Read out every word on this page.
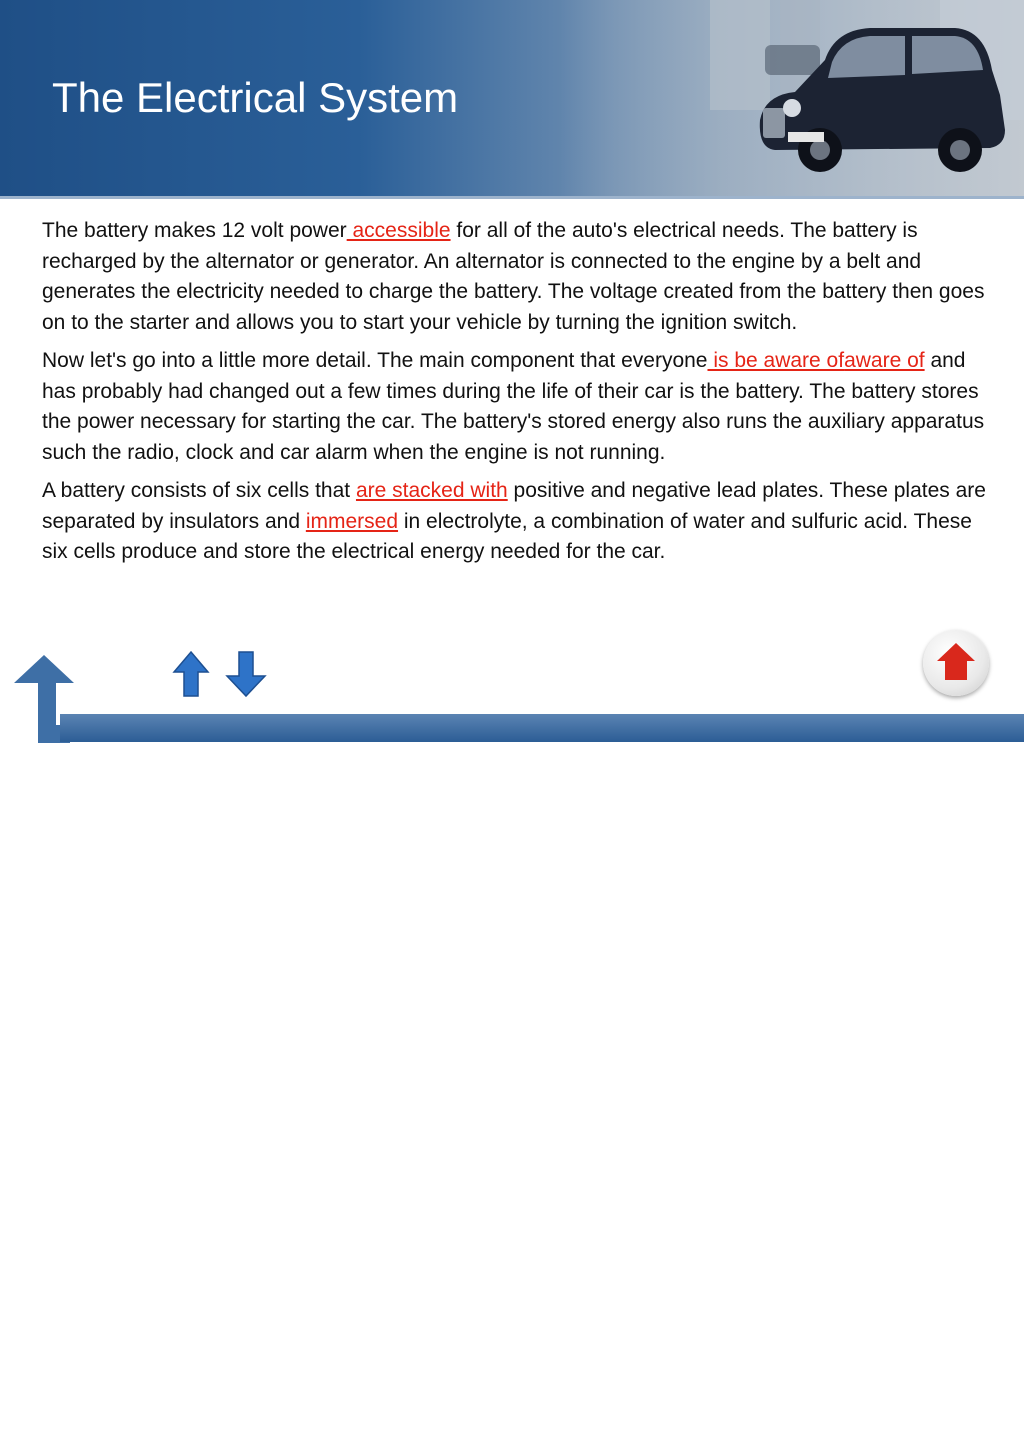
The Electrical System

The battery makes 12 volt power accessible for all of the auto's electrical needs. The battery is recharged by the alternator or generator. An alternator is connected to the engine by a belt and generates the electricity needed to charge the battery. The voltage created from the battery then goes on to the starter and allows you to start your vehicle by turning the ignition switch.

Now let's go into a little more detail. The main component that everyone is be aware ofaware of and has probably had changed out a few times during the life of their car is the battery. The battery stores the power necessary for starting the car. The battery's stored energy also runs the auxiliary apparatus such the radio, clock and car alarm when the engine is not running.

A battery consists of six cells that are stacked with positive and negative lead plates. These plates are separated by insulators and immersed in electrolyte, a combination of water and sulfuric acid. These six cells produce and store the electrical energy needed for the car.

17
